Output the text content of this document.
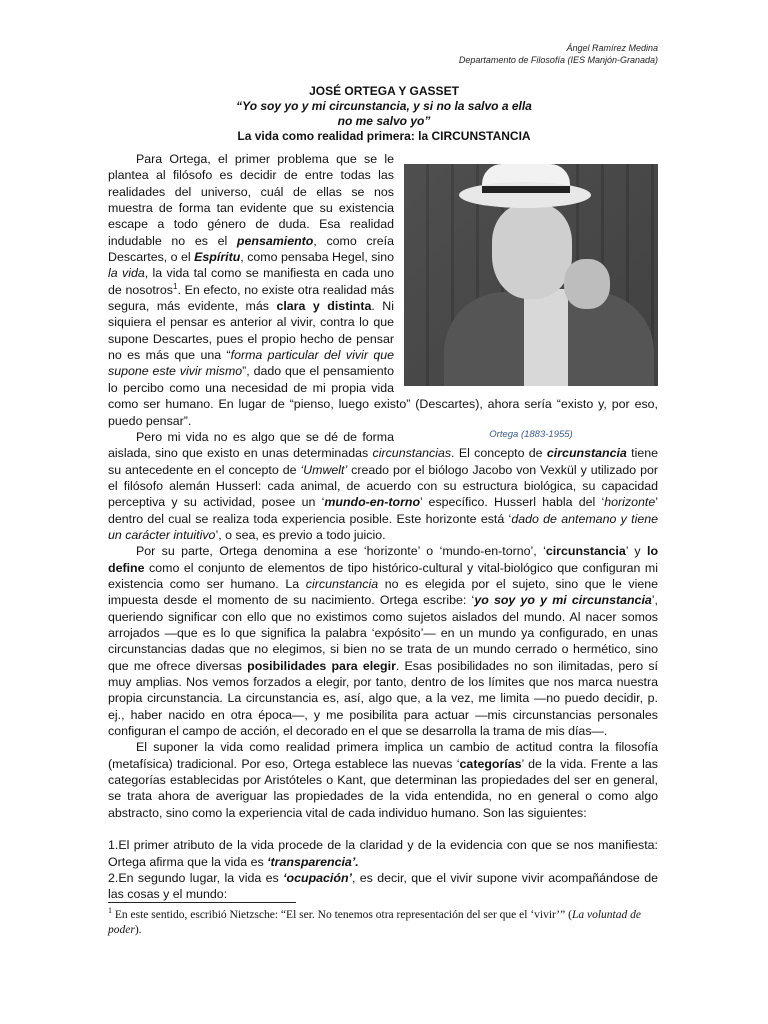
Ángel Ramírez Medina
Departamento de Filosofía (IES Manjón-Granada)
JOSÉ ORTEGA Y GASSET
“Yo soy yo y mi circunstancia, y si no la salvo a ella
no me salvo yo”
La vida como realidad primera: la CIRCUNSTANCIA

Para Ortega, el primer problema que se le plantea al filósofo es decidir de entre todas las realidades del universo, cuál de ellas se nos muestra de forma tan evidente que su existencia escape a todo género de duda. Esa realidad indudable no es el pensamiento, como creía Descartes, o el Espíritu, como pensaba Hegel, sino la vida, la vida tal como se manifiesta en cada uno de nosotros$^1$. En efecto, no existe otra realidad más segura, más evidente, más clara y distinta. Ni siquiera el pensar es anterior al vivir, contra lo que supone Descartes, pues el propio hecho de pensar no es más que una “forma particular del vivir que supone este vivir mismo”, dado que el pensamiento lo percibo como una necesidad de mi propia vida como ser humano. En lugar de “pienso, luego existo” (Descartes), ahora sería “existo y, por eso, puedo pensar”.

Ortega (1883-1955)

Pero mi vida no es algo que se dé de forma aislada, sino que existo en unas determinadas circunstancias. El concepto de circunstancia tiene su antecedente en el concepto de ‘Umwelt’ creado por el biólogo Jacobo von Vexkül y utilizado por el filósofo alemán Husserl: cada animal, de acuerdo con su estructura biológica, su capacidad perceptiva y su actividad, posee un ‘mundo-en-torno’ específico. Husserl habla del ‘horizonte’ dentro del cual se realiza toda experiencia posible. Este horizonte está ‘dado de antemano y tiene un carácter intuitivo’, o sea, es previo a todo juicio.

Por su parte, Ortega denomina a ese ‘horizonte’ o ‘mundo-en-torno’, ‘circunstancia’ y lo define como el conjunto de elementos de tipo histórico-cultural y vital-biológico que configuran mi existencia como ser humano. La circunstancia no es elegida por el sujeto, sino que le viene impuesta desde el momento de su nacimiento. Ortega escribe: ‘yo soy yo y mi circunstancia’, queriendo significar con ello que no existimos como sujetos aislados del mundo. Al nacer somos arrojados —que es lo que significa la palabra ‘expósito’— en un mundo ya configurado, en unas circunstancias dadas que no elegimos, si bien no se trata de un mundo cerrado o hermético, sino que me ofrece diversas posibilidades para elegir. Esas posibilidades no son ilimitadas, pero sí muy amplias. Nos vemos forzados a elegir, por tanto, dentro de los límites que nos marca nuestra propia circunstancia. La circunstancia es, así, algo que, a la vez, me limita —no puedo decidir, p. ej., haber nacido en otra época—, y me posibilita para actuar —mis circunstancias personales configuran el campo de acción, el decorado en el que se desarrolla la trama de mis días—.

El suponer la vida como realidad primera implica un cambio de actitud contra la filosofía (metafísica) tradicional. Por eso, Ortega establece las nuevas ‘categorías’ de la vida. Frente a las categorías establecidas por Aristóteles o Kant, que determinan las propiedades del ser en general, se trata ahora de averiguar las propiedades de la vida entendida, no en general o como algo abstracto, sino como la experiencia vital de cada individuo humano. Son las siguientes:

1.El primer atributo de la vida procede de la claridad y de la evidencia con que se nos manifiesta: Ortega afirma que la vida es ‘transparencia’.
2.En segundo lugar, la vida es ‘ocupación’, es decir, que el vivir supone vivir acompañándose de las cosas y el mundo:
$^1$ En este sentido, escribió Nietzsche: “El ser. No tenemos otra representación del ser que el ‘vivir’” (La voluntad de poder).
